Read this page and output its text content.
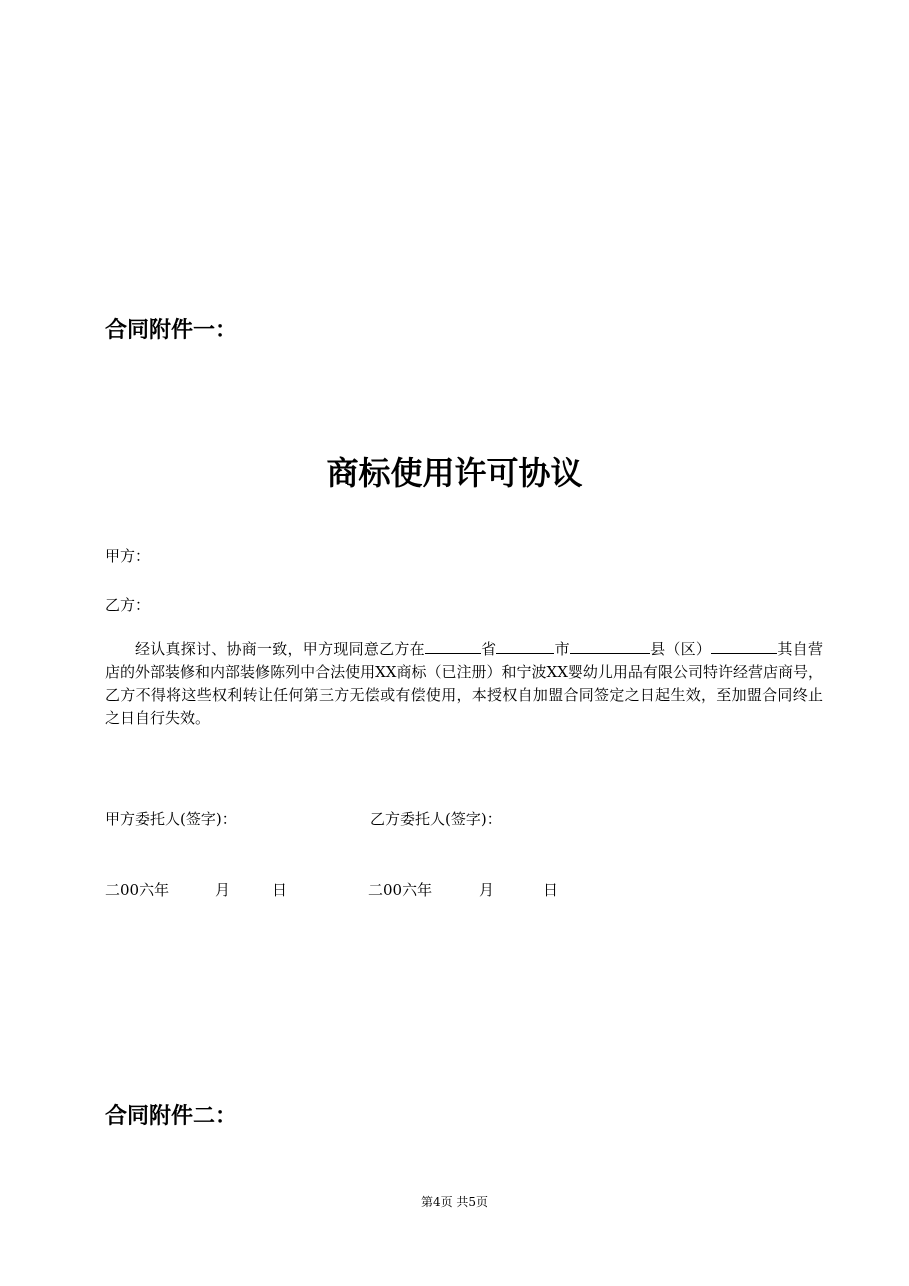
合同附件一：
商标使用许可协议
甲方：
乙方：
经认真探讨、协商一致，甲方现同意乙方在	省	市	县（区）	其自营店的外部装修和内部装修陈列中合法使用XX商标（已注册）和宁波XX婴幼儿用品有限公司特许经营店商号，乙方不得将这些权利转让任何第三方无偿或有偿使用，本授权自加盟合同签定之日起生效，至加盟合同终止之日自行失效。
甲方委托人(签字)：	乙方委托人(签字)：
二00六年	月	日	二00六年	月	日
合同附件二：
第4页 共5页
